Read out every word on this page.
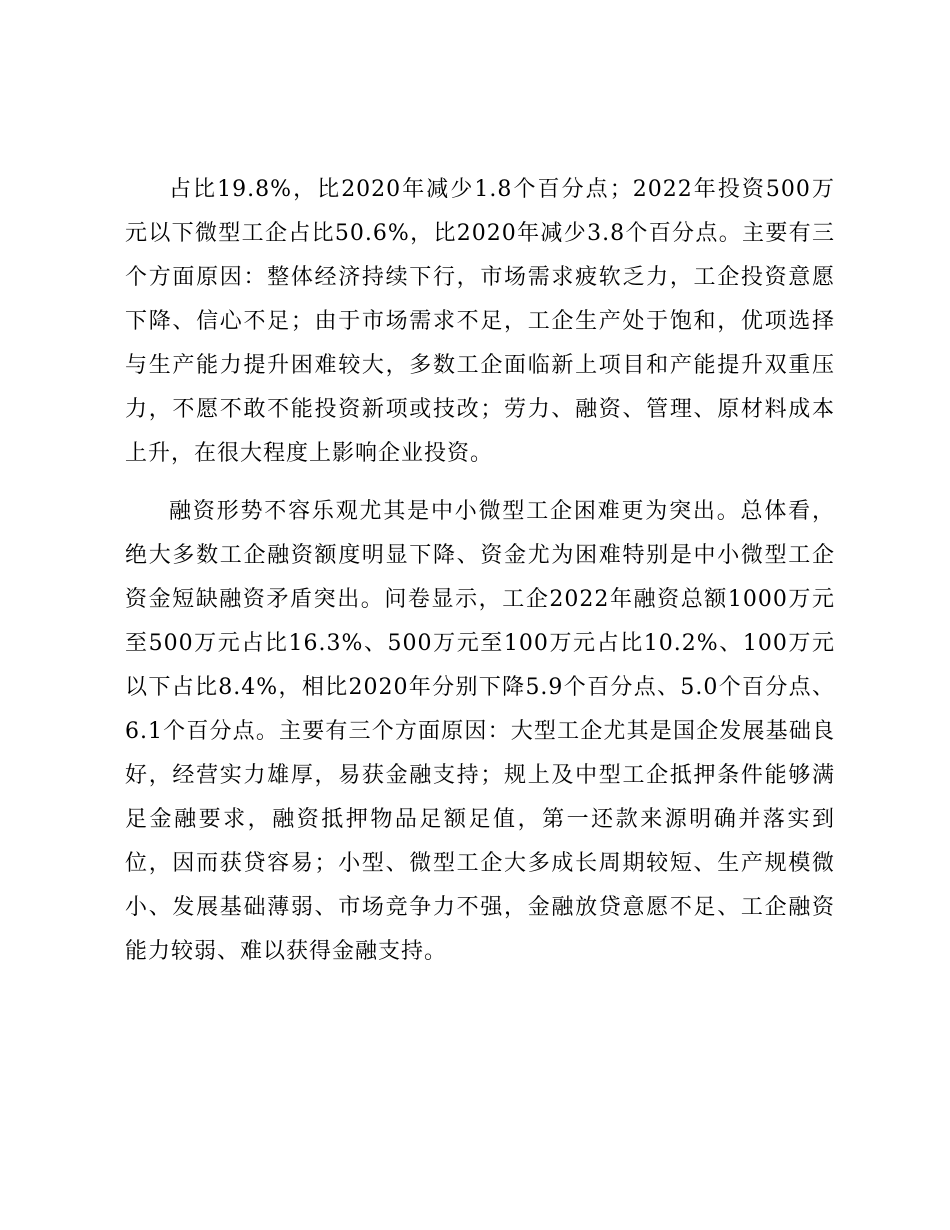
占比19.8%，比2020年减少1.8个百分点；2022年投资500万元以下微型工企占比50.6%，比2020年减少3.8个百分点。主要有三个方面原因：整体经济持续下行，市场需求疲软乏力，工企投资意愿下降、信心不足；由于市场需求不足，工企生产处于饱和，优项选择与生产能力提升困难较大，多数工企面临新上项目和产能提升双重压力，不愿不敢不能投资新项或技改；劳力、融资、管理、原材料成本上升，在很大程度上影响企业投资。

融资形势不容乐观尤其是中小微型工企困难更为突出。总体看，绝大多数工企融资额度明显下降、资金尤为困难特别是中小微型工企资金短缺融资矛盾突出。问卷显示，工企2022年融资总额1000万元至500万元占比16.3%、500万元至100万元占比10.2%、100万元以下占比8.4%，相比2020年分别下降5.9个百分点、5.0个百分点、6.1个百分点。主要有三个方面原因：大型工企尤其是国企发展基础良好，经营实力雄厚，易获金融支持；规上及中型工企抵押条件能够满足金融要求，融资抵押物品足额足值，第一还款来源明确并落实到位，因而获贷容易；小型、微型工企大多成长周期较短、生产规模微小、发展基础薄弱、市场竞争力不强，金融放贷意愿不足、工企融资能力较弱、难以获得金融支持。
